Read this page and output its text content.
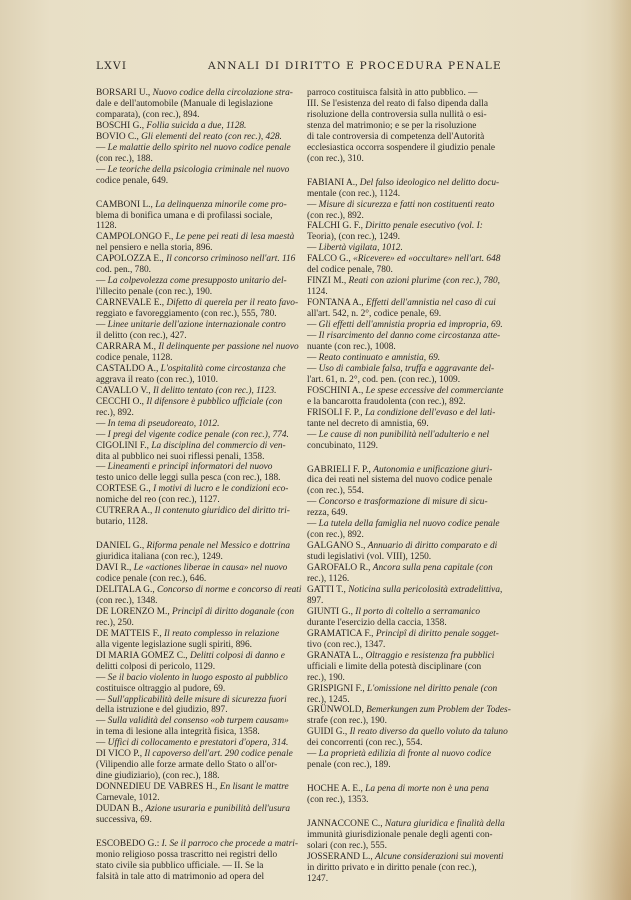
LXVI	ANNALI DI DIRITTO E PROCEDURA PENALE
BORSARI U., Nuovo codice della circolazione stra-
dale e dell'automobile (Manuale di legislazione
comparata), (con rec.), 894.
BOSCHI G., Follia suicida a due, 1128.
BOVIO C., Gli elementi del reato (con rec.), 428.
— Le malattie dello spirito nel nuovo codice penale
(con rec.), 188.
— Le teoriche della psicologia criminale nel nuovo
codice penale, 649.
CAMBONI L., La delinquenza minorile come pro-
blema di bonifica umana e di profilassi sociale,
1128.
CAMPOLONGO F., Le pene pei reati di lesa maestà
nel pensiero e nella storia, 896.
CAPOLOZZA E., Il concorso criminoso nell'art. 116
cod. pen., 780.
— La colpevolezza come presupposto unitario del-
l'illecito penale (con rec.), 190.
CARNEVALE E., Difetto di querela per il reato favo-
reggiato e favoreggiamento (con rec.), 555, 780.
— Linee unitarie dell'azione internazionale contro
il delitto (con rec.), 427.
CARRARA M., Il delinquente per passione nel nuovo
codice penale, 1128.
CASTALDO A., L'ospitalità come circostanza che
aggrava il reato (con rec.), 1010.
CAVALLO V., Il delitto tentato (con rec.), 1123.
CECCHI O., Il difensore è pubblico ufficiale (con
rec.), 892.
— In tema di pseudoreato, 1012.
— I pregi del vigente codice penale (con rec.), 774.
CIGOLINI F., La disciplina del commercio di ven-
dita al pubblico nei suoi riflessi penali, 1358.
— Lineamenti e principî informatori del nuovo
testo unico delle leggi sulla pesca (con rec.), 188.
CORTESE G., I motivi di lucro e le condizioni eco-
nomiche del reo (con rec.), 1127.
CUTRERA A., Il contenuto giuridico del diritto tri-
butario, 1128.
DANIEL G., Riforma penale nel Messico e dottrina
giuridica italiana (con rec.), 1249.
DAVI R., Le «actiones liberae in causa» nel nuovo
codice penale (con rec.), 646.
DELITALA G., Concorso di norme e concorso di reati
(con rec.), 1348.
DE LORENZO M., Principî di diritto doganale (con
rec.), 250.
DE MATTEIS F., Il reato complesso in relazione
alla vigente legislazione sugli spiriti, 896.
DI MARIA GOMEZ C., Delitti colposi di danno e
delitti colposi di pericolo, 1129.
— Se il bacio violento in luogo esposto al pubblico
costituisce oltraggio al pudore, 69.
— Sull'applicabilità delle misure di sicurezza fuori
della istruzione e del giudizio, 897.
— Sulla validità del consenso «ob turpem causam»
in tema di lesione alla integrità fisica, 1358.
— Uffici di collocamento e prestatori d'opera, 314.
DI VICO P., Il capoverso dell'art. 290 codice penale
(Vilipendio alle forze armate dello Stato o all'or-
dine giudiziario), (con rec.), 188.
DONNEDIEU DE VABRES H., En lisant le mattre
Carnevale, 1012.
DUDAN B., Azione usuraria e punibilità dell'usura
successiva, 69.
ESCOBEDO G.: I. Se il parroco che procede a matri-
monio religioso possa trascritto nei registri dello
stato civile sia pubblico ufficiale. — II. Se la
falsità in tale atto di matrimonio ad opera del
parroco costituisca falsità in atto pubblico. —
III. Se l'esistenza del reato di falso dipenda dalla
risoluzione della controversia sulla nullità o esi-
stenza del matrimonio; e se per la risoluzione
di tale controversia di competenza dell'Autorità
ecclesiastica occorra sospendere il giudizio penale
(con rec.), 310.
FABIANI A., Del falso ideologico nel delitto docu-
mentale (con rec.), 1124.
— Misure di sicurezza e fatti non costituenti reato
(con rec.), 892.
FALCHI G. F., Diritto penale esecutivo (vol. I:
Teoria), (con rec.), 1249.
— Libertà vigilata, 1012.
FALCO G., «Ricevere» ed «occultare» nell'art. 648
del codice penale, 780.
FINZI M., Reati con azioni plurime (con rec.), 780,
1124.
FONTANA A., Effetti dell'amnistia nel caso di cui
all'art. 542, n. 2°, codice penale, 69.
— Gli effetti dell'amnistia propria ed impropria, 69.
— Il risarcimento del danno come circostanza atte-
nuante (con rec.), 1008.
— Reato continuato e amnistia, 69.
— Uso di cambiale falsa, truffa e aggravante del-
l'art. 61, n. 2°, cod. pen. (con rec.), 1009.
FOSCHINI A., Le spese eccessive del commerciante
e la bancarotta fraudolenta (con rec.), 892.
FRISOLI F. P., La condizione dell'evaso e del lati-
tante nel decreto di amnistia, 69.
— Le cause di non punibilità nell'adulterio e nel
concubinato, 1129.
GABRIELI F. P., Autonomia e unificazione giuri-
dica dei reati nel sistema del nuovo codice penale
(con rec.), 554.
— Concorso e trasformazione di misure di sicu-
rezza, 649.
— La tutela della famiglia nel nuovo codice penale
(con rec.), 892.
GALGANO S., Annuario di diritto comparato e di
studi legislativi (vol. VIII), 1250.
GAROFALO R., Ancora sulla pena capitale (con
rec.), 1126.
GATTI T., Noticina sulla pericolosità extradelittiva,
897.
GIUNTI G., Il porto di coltello a serramanico
durante l'esercizio della caccia, 1358.
GRAMATICA F., Principî di diritto penale sogget-
tivo (con rec.), 1347.
GRANATA L., Oltraggio e resistenza fra pubblici
ufficiali e limite della potestà disciplinare (con
rec.), 190.
GRISPIGNI F., L'omissione nel diritto penale (con
rec.), 1245.
GRÜNWOLD, Bemerkungen zum Problem der Todes-
strafe (con rec.), 190.
GUIDI G., Il reato diverso da quello voluto da taluno
dei concorrenti (con rec.), 554.
— La proprietà edilizia di fronte al nuovo codice
penale (con rec.), 189.
HOCHE A. E., La pena di morte non è una pena
(con rec.), 1353.
JANNACCONE C., Natura giuridica e finalità della
immunità giurisdizionale penale degli agenti con-
solari (con rec.), 555.
JOSSERAND L., Alcune considerazioni sui moventi
in diritto privato e in diritto penale (con rec.),
1247.
